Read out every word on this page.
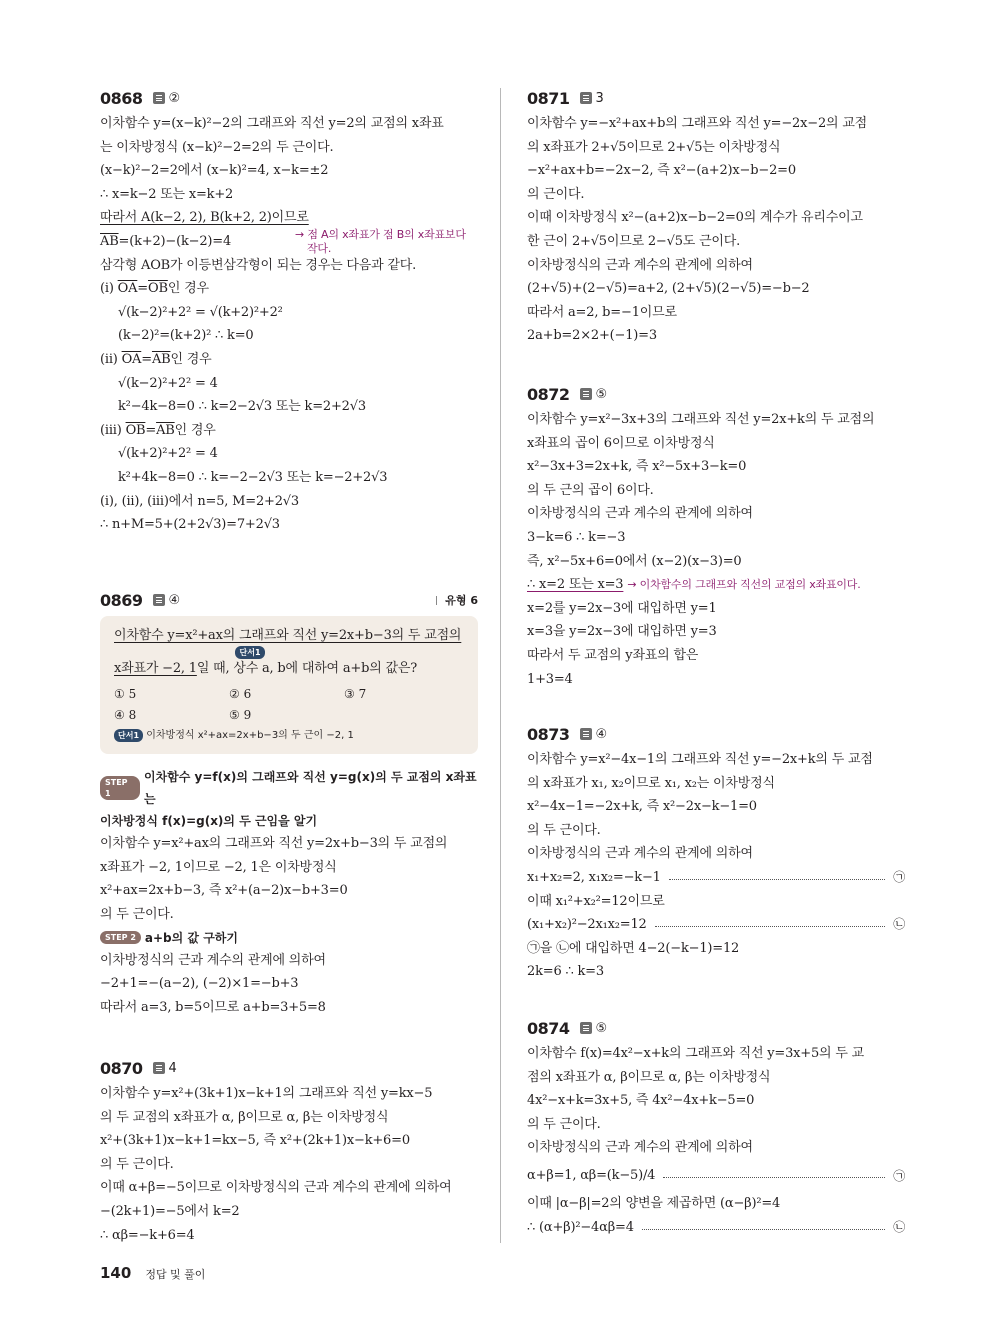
0868 ②
이차함수 y=(x−k)²−2의 그래프와 직선 y=2의 교점의 x좌표
는 이차방정식 (x−k)²−2=2의 두 근이다.
(x−k)²−2=2에서 (x−k)²=4, x−k=±2
∴ x=k−2 또는 x=k+2
따라서 A(k−2, 2), B(k+2, 2)이므로
$\overline{AB}=(k+2)-(k-2)=4$	→ 점 A의 x좌표가 점 B의 x좌표보다
작다.
삼각형 AOB가 이등변삼각형이 되는 경우는 다음과 같다.
(i) $\overline{OA}=\overline{OB}$인 경우
√(k−2)²+2² = √(k+2)²+2²
(k−2)²=(k+2)² ∴ k=0
(ii) $\overline{OA}=\overline{AB}$인 경우
√(k−2)²+2² = 4
k²−4k−8=0 ∴ k=2−2√3 또는 k=2+2√3
(iii) $\overline{OB}=\overline{AB}$인 경우
√(k+2)²+2² = 4
k²+4k−8=0 ∴ k=−2−2√3 또는 k=−2+2√3
(i), (ii), (iii)에서 n=5, M=2+2√3
∴ n+M=5+(2+2√3)=7+2√3
0869 ④	유형 6
이차함수 y=x²+ax의 그래프와 직선 y=2x+b−3의 두 교점의
단서1
x좌표가 −2, 1일 때, 상수 a, b에 대하여 a+b의 값은?
① 5	② 6	③ 7
④ 8	⑤ 9
단서1 이차방정식 x²+ax=2x+b−3의 두 근이 −2, 1
STEP 1
이차함수 y=f(x)의 그래프와 직선 y=g(x)의 두 교점의 x좌표는
이차방정식 f(x)=g(x)의 두 근임을 알기
이차함수 y=x²+ax의 그래프와 직선 y=2x+b−3의 두 교점의
x좌표가 −2, 1이므로 −2, 1은 이차방정식
x²+ax=2x+b−3, 즉 x²+(a−2)x−b+3=0
의 두 근이다.
STEP 2 a+b의 값 구하기
이차방정식의 근과 계수의 관계에 의하여
−2+1=−(a−2), (−2)×1=−b+3
따라서 a=3, b=5이므로 a+b=3+5=8
0870 4
이차함수 y=x²+(3k+1)x−k+1의 그래프와 직선 y=kx−5
의 두 교점의 x좌표가 α, β이므로 α, β는 이차방정식
x²+(3k+1)x−k+1=kx−5, 즉 x²+(2k+1)x−k+6=0
의 두 근이다.
이때 α+β=−5이므로 이차방정식의 근과 계수의 관계에 의하여
−(2k+1)=−5에서 k=2
∴ αβ=−k+6=4
0871 3
이차함수 y=−x²+ax+b의 그래프와 직선 y=−2x−2의 교점
의 x좌표가 2+√5이므로 2+√5는 이차방정식
−x²+ax+b=−2x−2, 즉 x²−(a+2)x−b−2=0
의 근이다.
이때 이차방정식 x²−(a+2)x−b−2=0의 계수가 유리수이고
한 근이 2+√5이므로 2−√5도 근이다.
이차방정식의 근과 계수의 관계에 의하여
(2+√5)+(2−√5)=a+2, (2+√5)(2−√5)=−b−2
따라서 a=2, b=−1이므로
2a+b=2×2+(−1)=3
0872 ⑤
이차함수 y=x²−3x+3의 그래프와 직선 y=2x+k의 두 교점의
x좌표의 곱이 6이므로 이차방정식
x²−3x+3=2x+k, 즉 x²−5x+3−k=0
의 두 근의 곱이 6이다.
이차방정식의 근과 계수의 관계에 의하여
3−k=6 ∴ k=−3
즉, x²−5x+6=0에서 (x−2)(x−3)=0
∴ x=2 또는 x=3 → 이차함수의 그래프와 직선의 교점의 x좌표이다.
x=2를 y=2x−3에 대입하면 y=1
x=3을 y=2x−3에 대입하면 y=3
따라서 두 교점의 y좌표의 합은
1+3=4
0873 ④
이차함수 y=x²−4x−1의 그래프와 직선 y=−2x+k의 두 교점
의 x좌표가 x₁, x₂이므로 x₁, x₂는 이차방정식
x²−4x−1=−2x+k, 즉 x²−2x−k−1=0
의 두 근이다.
이차방정식의 근과 계수의 관계에 의하여
x₁+x₂=2, x₁x₂=−k−1	㉠
이때 x₁²+x₂²=12이므로
(x₁+x₂)²−2x₁x₂=12	㉡
㉠을 ㉡에 대입하면 4−2(−k−1)=12
2k=6 ∴ k=3
0874 ⑤
이차함수 f(x)=4x²−x+k의 그래프와 직선 y=3x+5의 두 교
점의 x좌표가 α, β이므로 α, β는 이차방정식
4x²−x+k=3x+5, 즉 4x²−4x+k−5=0
의 두 근이다.
이차방정식의 근과 계수의 관계에 의하여
α+β=1, αβ=(k−5)/4	㉠
이때 |α−β|=2의 양변을 제곱하면 (α−β)²=4
∴ (α+β)²−4αβ=4	㉡
140 정답 및 풀이
